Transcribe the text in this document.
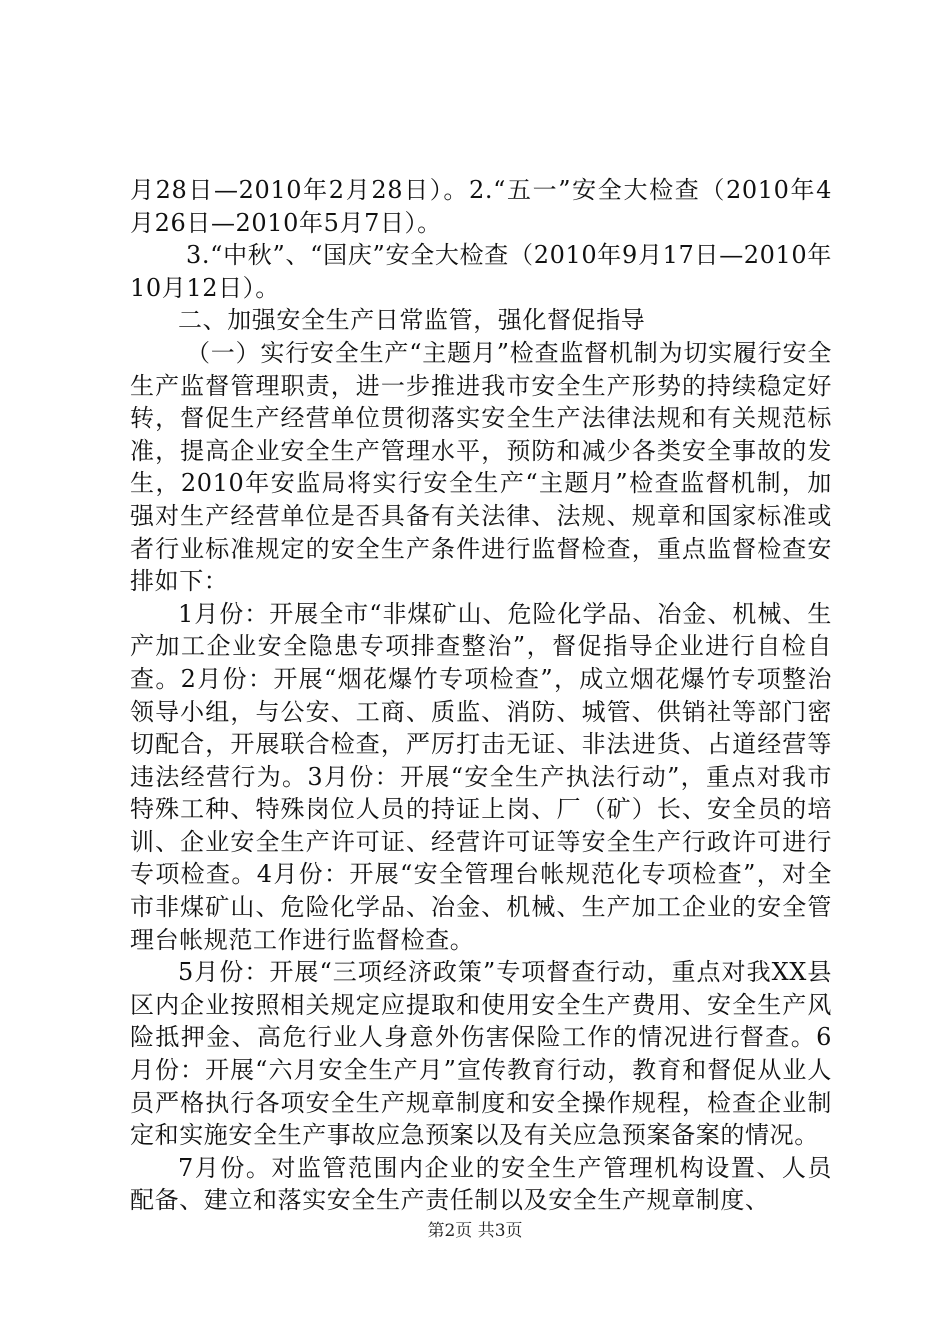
月28日—2010年2月28日）。2.“五一”安全大检查（2010年4月26日—2010年5月7日）。

3.“中秋”、“国庆”安全大检查（2010年9月17日—2010年10月12日）。

二、加强安全生产日常监管，强化督促指导

（一）实行安全生产“主题月”检查监督机制为切实履行安全生产监督管理职责，进一步推进我市安全生产形势的持续稳定好转，督促生产经营单位贯彻落实安全生产法律法规和有关规范标准，提高企业安全生产管理水平，预防和减少各类安全事故的发生，2010年安监局将实行安全生产“主题月”检查监督机制，加强对生产经营单位是否具备有关法律、法规、规章和国家标准或者行业标准规定的安全生产条件进行监督检查，重点监督检查安排如下：

1月份：开展全市“非煤矿山、危险化学品、冶金、机械、生产加工企业安全隐患专项排查整治”，督促指导企业进行自检自查。2月份：开展“烟花爆竹专项检查”，成立烟花爆竹专项整治领导小组，与公安、工商、质监、消防、城管、供销社等部门密切配合，开展联合检查，严厉打击无证、非法进货、占道经营等违法经营行为。3月份：开展“安全生产执法行动”，重点对我市特殊工种、特殊岗位人员的持证上岗、厂（矿）长、安全员的培训、企业安全生产许可证、经营许可证等安全生产行政许可进行专项检查。4月份：开展“安全管理台帐规范化专项检查”，对全市非煤矿山、危险化学品、冶金、机械、生产加工企业的安全管理台帐规范工作进行监督检查。

5月份：开展“三项经济政策”专项督查行动，重点对我XX县区内企业按照相关规定应提取和使用安全生产费用、安全生产风险抵押金、高危行业人身意外伤害保险工作的情况进行督查。6月份：开展“六月安全生产月”宣传教育行动，教育和督促从业人员严格执行各项安全生产规章制度和安全操作规程，检查企业制定和实施安全生产事故应急预案以及有关应急预案备案的情况。

7月份。对监管范围内企业的安全生产管理机构设置、人员配备、建立和落实安全生产责任制以及安全生产规章制度、

第2页 共3页
